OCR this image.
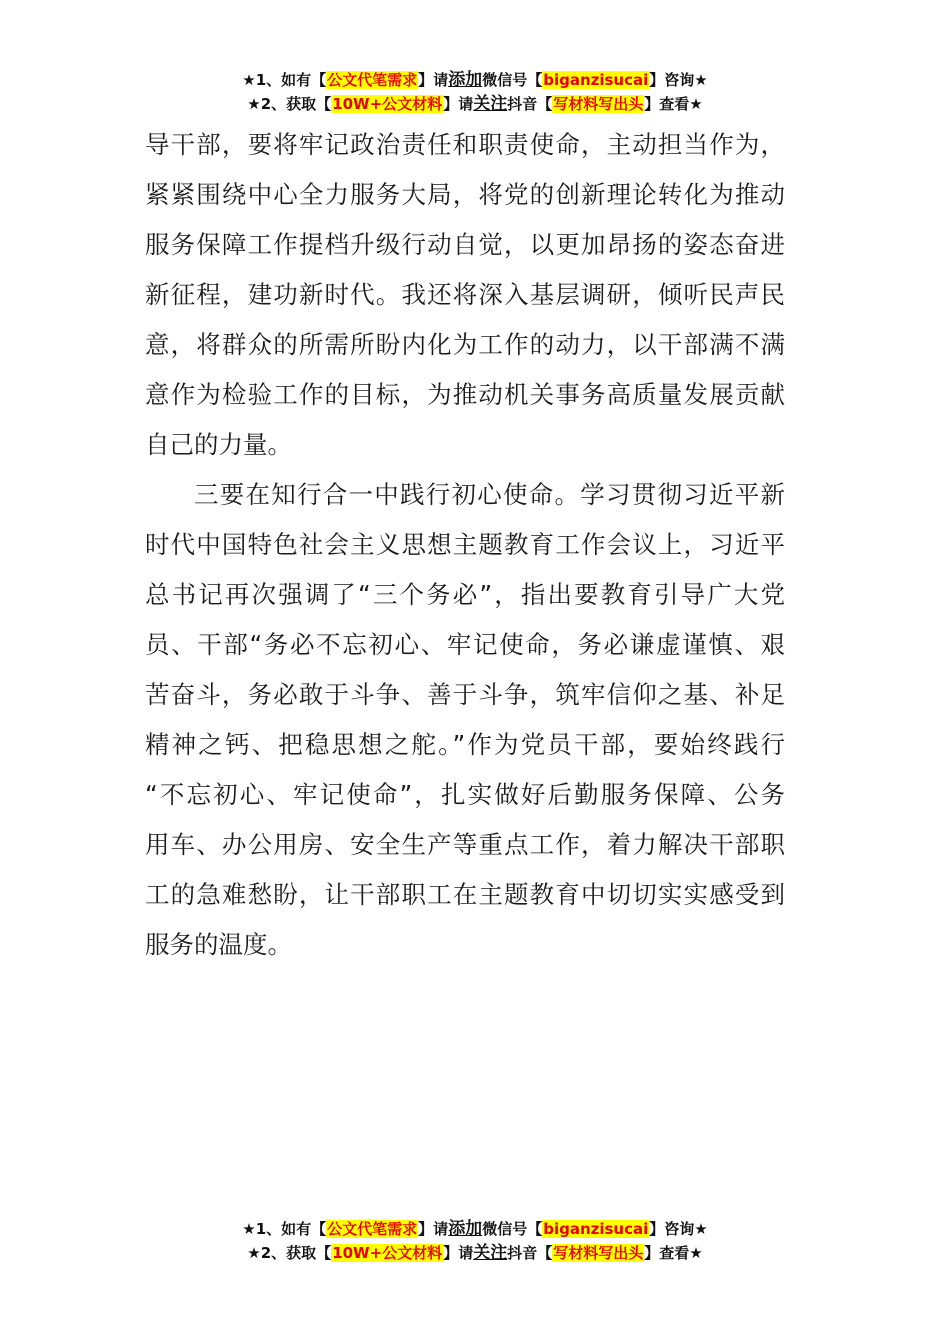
★1、如有【公文代笔需求】请添加微信号【biganzisucai】咨询★
★2、获取【10W+公文材料】请关注抖音【写材料写出头】查看★
导干部，要将牢记政治责任和职责使命，主动担当作为，
紧紧围绕中心全力服务大局，将党的创新理论转化为推动
服务保障工作提档升级行动自觉，以更加昂扬的姿态奋进
新征程，建功新时代。我还将深入基层调研，倾听民声民
意，将群众的所需所盼内化为工作的动力，以干部满不满
意作为检验工作的目标，为推动机关事务高质量发展贡献
自己的力量。
三要在知行合一中践行初心使命。学习贯彻习近平新
时代中国特色社会主义思想主题教育工作会议上，习近平
总书记再次强调了“三个务必”，指出要教育引导广大党
员、干部“务必不忘初心、牢记使命，务必谦虚谨慎、艰
苦奋斗，务必敢于斗争、善于斗争，筑牢信仰之基、补足
精神之钙、把稳思想之舵。”作为党员干部，要始终践行
“不忘初心、牢记使命”，扎实做好后勤服务保障、公务
用车、办公用房、安全生产等重点工作，着力解决干部职
工的急难愁盼，让干部职工在主题教育中切切实实感受到
服务的温度。
★1、如有【公文代笔需求】请添加微信号【biganzisucai】咨询★
★2、获取【10W+公文材料】请关注抖音【写材料写出头】查看★
